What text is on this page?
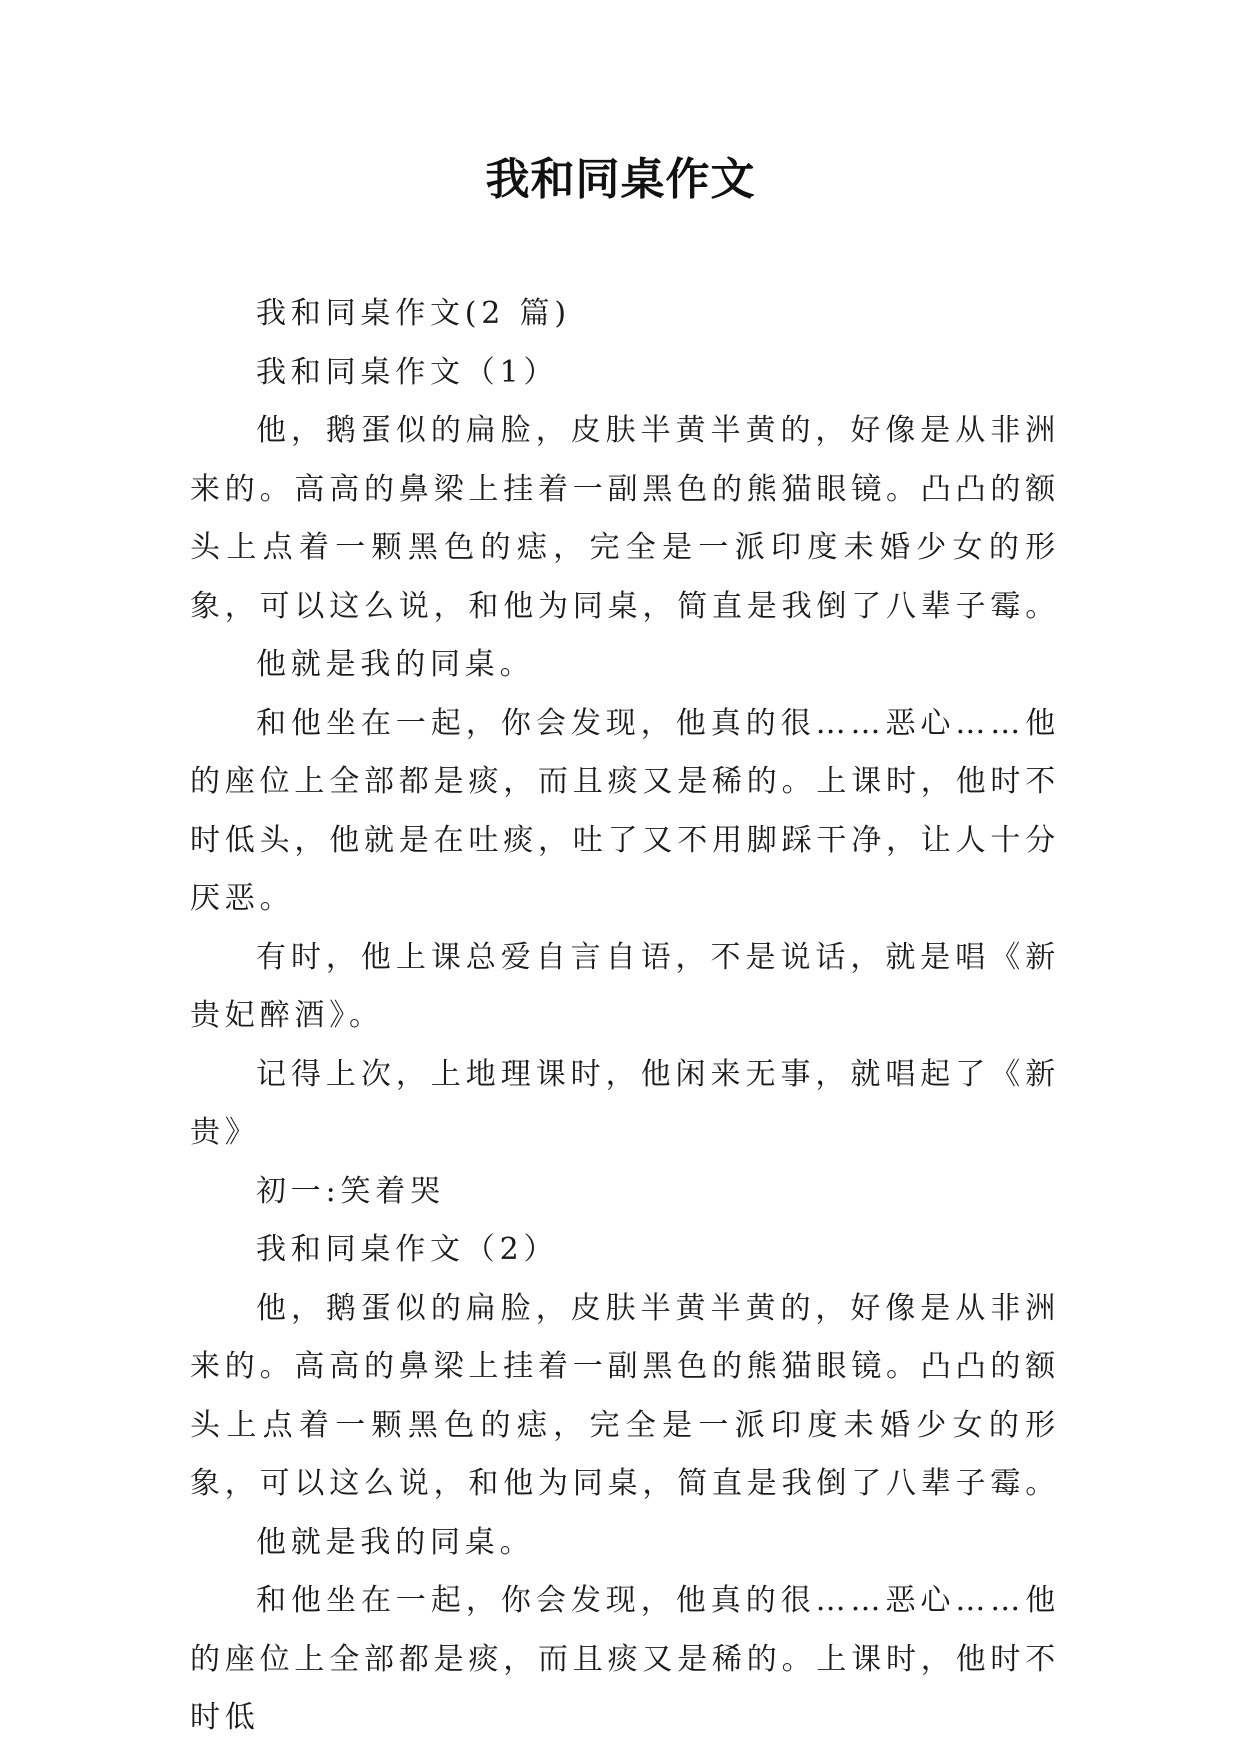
我和同桌作文

我和同桌作文(2 篇)

我和同桌作文（1）

他，鹅蛋似的扁脸，皮肤半黄半黄的，好像是从非洲来的。高高的鼻梁上挂着一副黑色的熊猫眼镜。凸凸的额头上点着一颗黑色的痣，完全是一派印度未婚少女的形象，可以这么说，和他为同桌，简直是我倒了八辈子霉。

他就是我的同桌。

和他坐在一起，你会发现，他真的很……恶心……他的座位上全部都是痰，而且痰又是稀的。上课时，他时不时低头，他就是在吐痰，吐了又不用脚踩干净，让人十分厌恶。

有时，他上课总爱自言自语，不是说话，就是唱《新贵妃醉酒》。

记得上次，上地理课时，他闲来无事，就唱起了《新贵》

初一:笑着哭

我和同桌作文（2）

他，鹅蛋似的扁脸，皮肤半黄半黄的，好像是从非洲来的。高高的鼻梁上挂着一副黑色的熊猫眼镜。凸凸的额头上点着一颗黑色的痣，完全是一派印度未婚少女的形象，可以这么说，和他为同桌，简直是我倒了八辈子霉。

他就是我的同桌。

和他坐在一起，你会发现，他真的很……恶心……他的座位上全部都是痰，而且痰又是稀的。上课时，他时不时低
